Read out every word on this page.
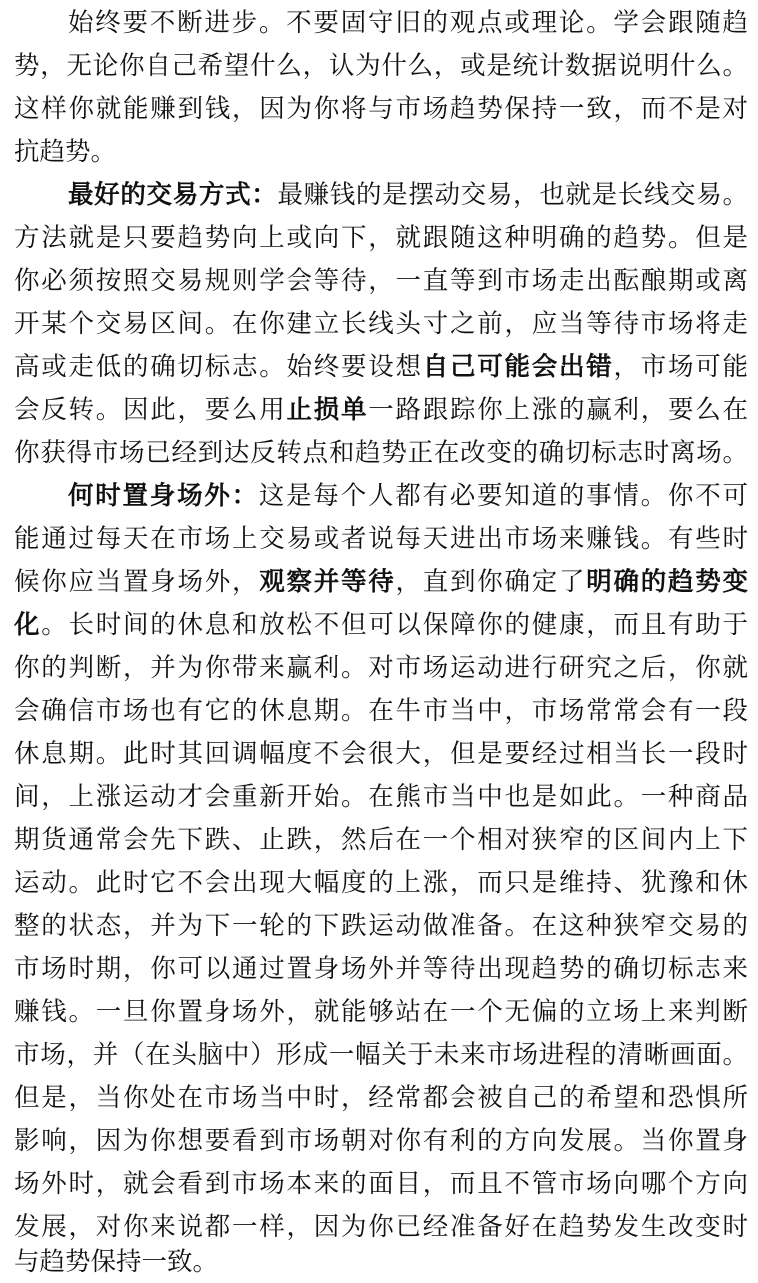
始终要不断进步。不要固守旧的观点或理论。学会跟随趋
势，无论你自己希望什么，认为什么，或是统计数据说明什么。
这样你就能赚到钱，因为你将与市场趋势保持一致，而不是对
抗趋势。
最好的交易方式：最赚钱的是摆动交易，也就是长线交易。
方法就是只要趋势向上或向下，就跟随这种明确的趋势。但是
你必须按照交易规则学会等待，一直等到市场走出酝酿期或离
开某个交易区间。在你建立长线头寸之前，应当等待市场将走
高或走低的确切标志。始终要设想自己可能会出错，市场可能
会反转。因此，要么用止损单一路跟踪你上涨的赢利，要么在
你获得市场已经到达反转点和趋势正在改变的确切标志时离场。
何时置身场外：这是每个人都有必要知道的事情。你不可
能通过每天在市场上交易或者说每天进出市场来赚钱。有些时
候你应当置身场外，观察并等待，直到你确定了明确的趋势变
化。长时间的休息和放松不但可以保障你的健康，而且有助于
你的判断，并为你带来赢利。对市场运动进行研究之后，你就
会确信市场也有它的休息期。在牛市当中，市场常常会有一段
休息期。此时其回调幅度不会很大，但是要经过相当长一段时
间，上涨运动才会重新开始。在熊市当中也是如此。一种商品
期货通常会先下跌、止跌，然后在一个相对狭窄的区间内上下
运动。此时它不会出现大幅度的上涨，而只是维持、犹豫和休
整的状态，并为下一轮的下跌运动做准备。在这种狭窄交易的
市场时期，你可以通过置身场外并等待出现趋势的确切标志来
赚钱。一旦你置身场外，就能够站在一个无偏的立场上来判断
市场，并（在头脑中）形成一幅关于未来市场进程的清晰画面。
但是，当你处在市场当中时，经常都会被自己的希望和恐惧所
影响，因为你想要看到市场朝对你有利的方向发展。当你置身
场外时，就会看到市场本来的面目，而且不管市场向哪个方向
发展，对你来说都一样，因为你已经准备好在趋势发生改变时
与趋势保持一致。
